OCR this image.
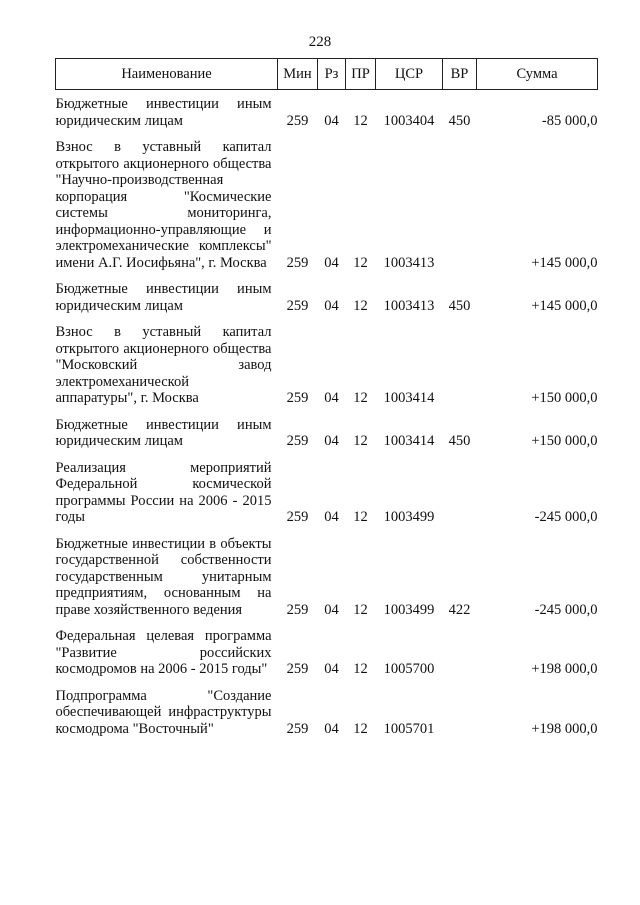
228
Наименование	Мин	Рз	ПР	ЦСР	ВР	Сумма
Бюджетные инвестиции иным юридическим лицам	259	04	12	1003404	450	-85 000,0
Взнос в уставный капитал открытого акционерного общества "Научно-производственная корпорация "Космические системы мониторинга, информационно-управляющие и электромеханические комплексы" имени А.Г. Иосифьяна", г. Москва	259	04	12	1003413		+145 000,0
Бюджетные инвестиции иным юридическим лицам	259	04	12	1003413	450	+145 000,0
Взнос в уставный капитал открытого акционерного общества "Московский завод электромеханической аппаратуры", г. Москва	259	04	12	1003414		+150 000,0
Бюджетные инвестиции иным юридическим лицам	259	04	12	1003414	450	+150 000,0
Реализация мероприятий Федеральной космической программы России на 2006 - 2015 годы	259	04	12	1003499		-245 000,0
Бюджетные инвестиции в объекты государственной собственности государственным унитарным предприятиям, основанным на праве хозяйственного ведения	259	04	12	1003499	422	-245 000,0
Федеральная целевая программа "Развитие российских космодромов на 2006 - 2015 годы"	259	04	12	1005700		+198 000,0
Подпрограмма "Создание обеспечивающей инфраструктуры космодрома "Восточный"	259	04	12	1005701		+198 000,0
